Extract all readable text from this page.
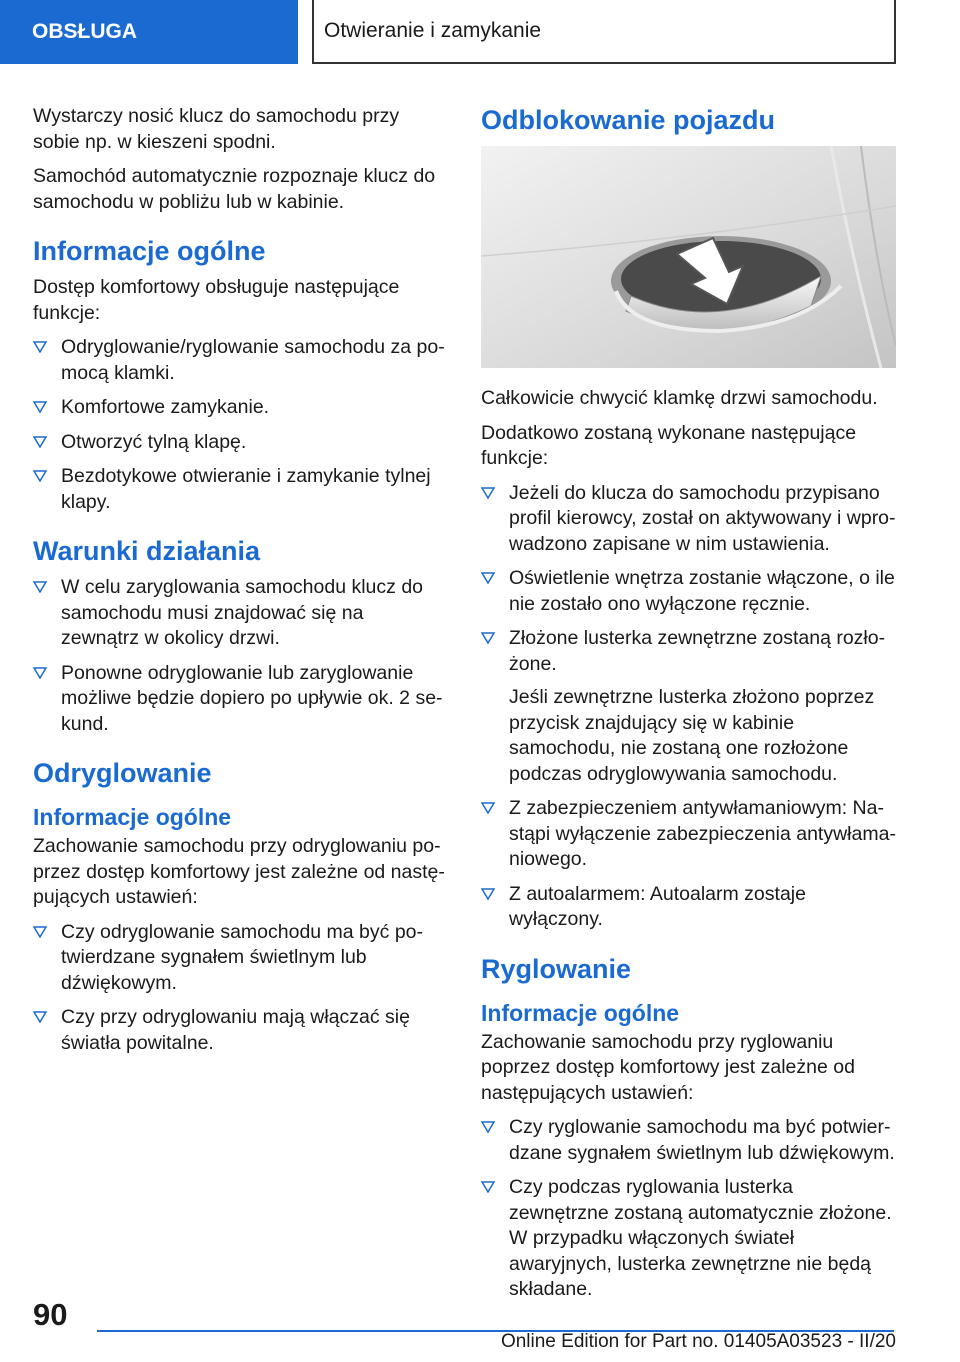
OBSŁUGA	Otwieranie i zamykanie

Wystarczy nosić klucz do samochodu przy sobie np. w kieszeni spodni.

Samochód automatycznie rozpoznaje klucz do samochodu w pobliżu lub w kabinie.

Informacje ogólne

Dostęp komfortowy obsługuje następujące funkcje:

Odryglowanie/ryglowanie samochodu za pomocą klamki.
Komfortowe zamykanie.
Otworzyć tylną klapę.
Bezdotykowe otwieranie i zamykanie tylnej klapy.
Warunki działania
W celu zaryglowania samochodu klucz do samochodu musi znajdować się na zewnątrz w okolicy drzwi.
Ponowne odryglowanie lub zaryglowanie możliwe będzie dopiero po upływie ok. 2 sekund.
Odryglowanie
Informacje ogólne

Zachowanie samochodu przy odryglowaniu poprzez dostęp komfortowy jest zależne od następujących ustawień:

Czy odryglowanie samochodu ma być potwierdzane sygnałem świetlnym lub dźwiękowym.
Czy przy odryglowaniu mają włączać się światła powitalne.
Odblokowanie pojazdu

Całkowicie chwycić klamkę drzwi samochodu.

Dodatkowo zostaną wykonane następujące funkcje:

Jeżeli do klucza do samochodu przypisano profil kierowcy, został on aktywowany i wprowadzono zapisane w nim ustawienia.
Oświetlenie wnętrza zostanie włączone, o ile nie zostało ono wyłączone ręcznie.
Złożone lusterka zewnętrzne zostaną rozłożone.
Jeśli zewnętrzne lusterka złożono poprzez przycisk znajdujący się w kabinie samochodu, nie zostaną one rozłożone podczas odryglowywania samochodu.
Z zabezpieczeniem antywłamaniowym: Nastąpi wyłączenie zabezpieczenia antywłamaniowego.
Z autoalarmem: Autoalarm zostaje wyłączony.
Ryglowanie
Informacje ogólne

Zachowanie samochodu przy ryglowaniu poprzez dostęp komfortowy jest zależne od następujących ustawień:

Czy ryglowanie samochodu ma być potwierdzane sygnałem świetlnym lub dźwiękowym.
Czy podczas ryglowania lusterka zewnętrzne zostaną automatycznie złożone. W przypadku włączonych świateł awaryjnych, lusterka zewnętrzne nie będą składane.
90
Online Edition for Part no. 01405A03523 - II/20
